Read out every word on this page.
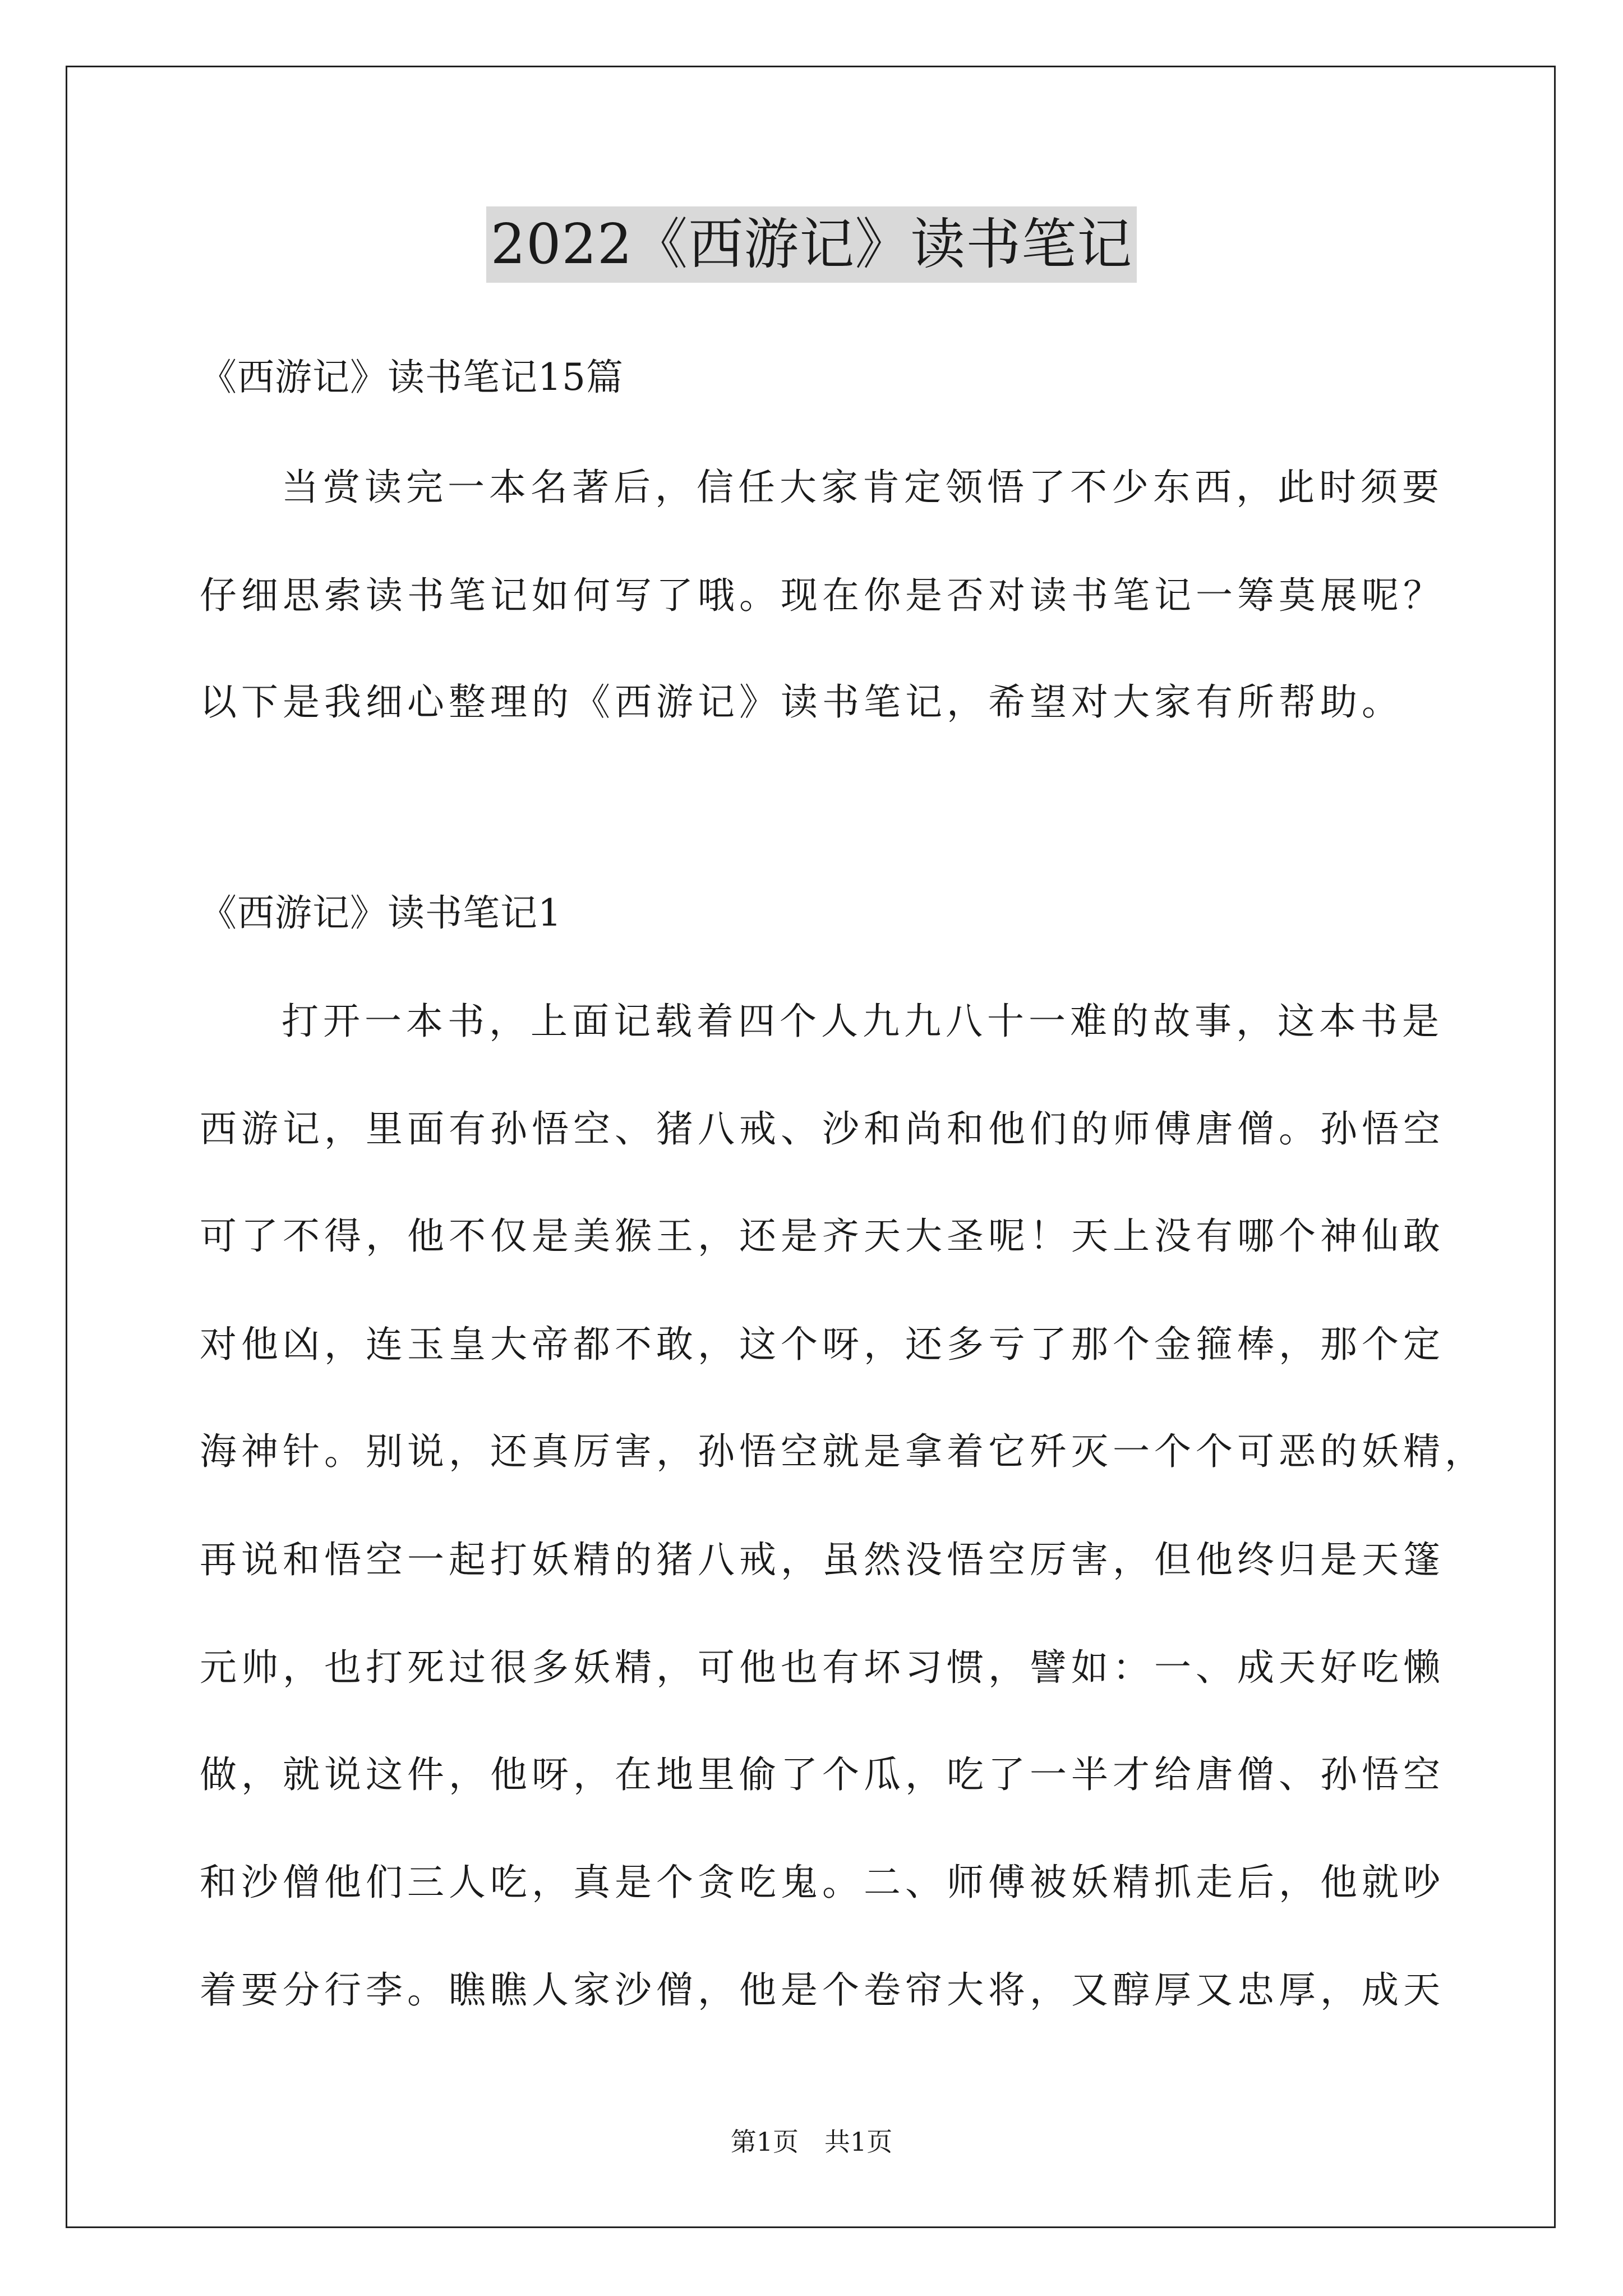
2022《西游记》读书笔记
《西游记》读书笔记15篇
当赏读完一本名著后，信任大家肯定领悟了不少东西，此时须要
仔细思索读书笔记如何写了哦。现在你是否对读书笔记一筹莫展呢？
以下是我细心整理的《西游记》读书笔记，希望对大家有所帮助。
《西游记》读书笔记1
打开一本书，上面记载着四个人九九八十一难的故事，这本书是
西游记，里面有孙悟空、猪八戒、沙和尚和他们的师傅唐僧。孙悟空
可了不得，他不仅是美猴王，还是齐天大圣呢！天上没有哪个神仙敢
对他凶，连玉皇大帝都不敢，这个呀，还多亏了那个金箍棒，那个定
海神针。别说，还真厉害，孙悟空就是拿着它歼灭一个个可恶的妖精，
再说和悟空一起打妖精的猪八戒，虽然没悟空厉害，但他终归是天篷
元帅，也打死过很多妖精，可他也有坏习惯，譬如：一、成天好吃懒
做，就说这件，他呀，在地里偷了个瓜，吃了一半才给唐僧、孙悟空
和沙僧他们三人吃，真是个贪吃鬼。二、师傅被妖精抓走后，他就吵
着要分行李。瞧瞧人家沙僧，他是个卷帘大将，又醇厚又忠厚，成天
第1页　共1页
